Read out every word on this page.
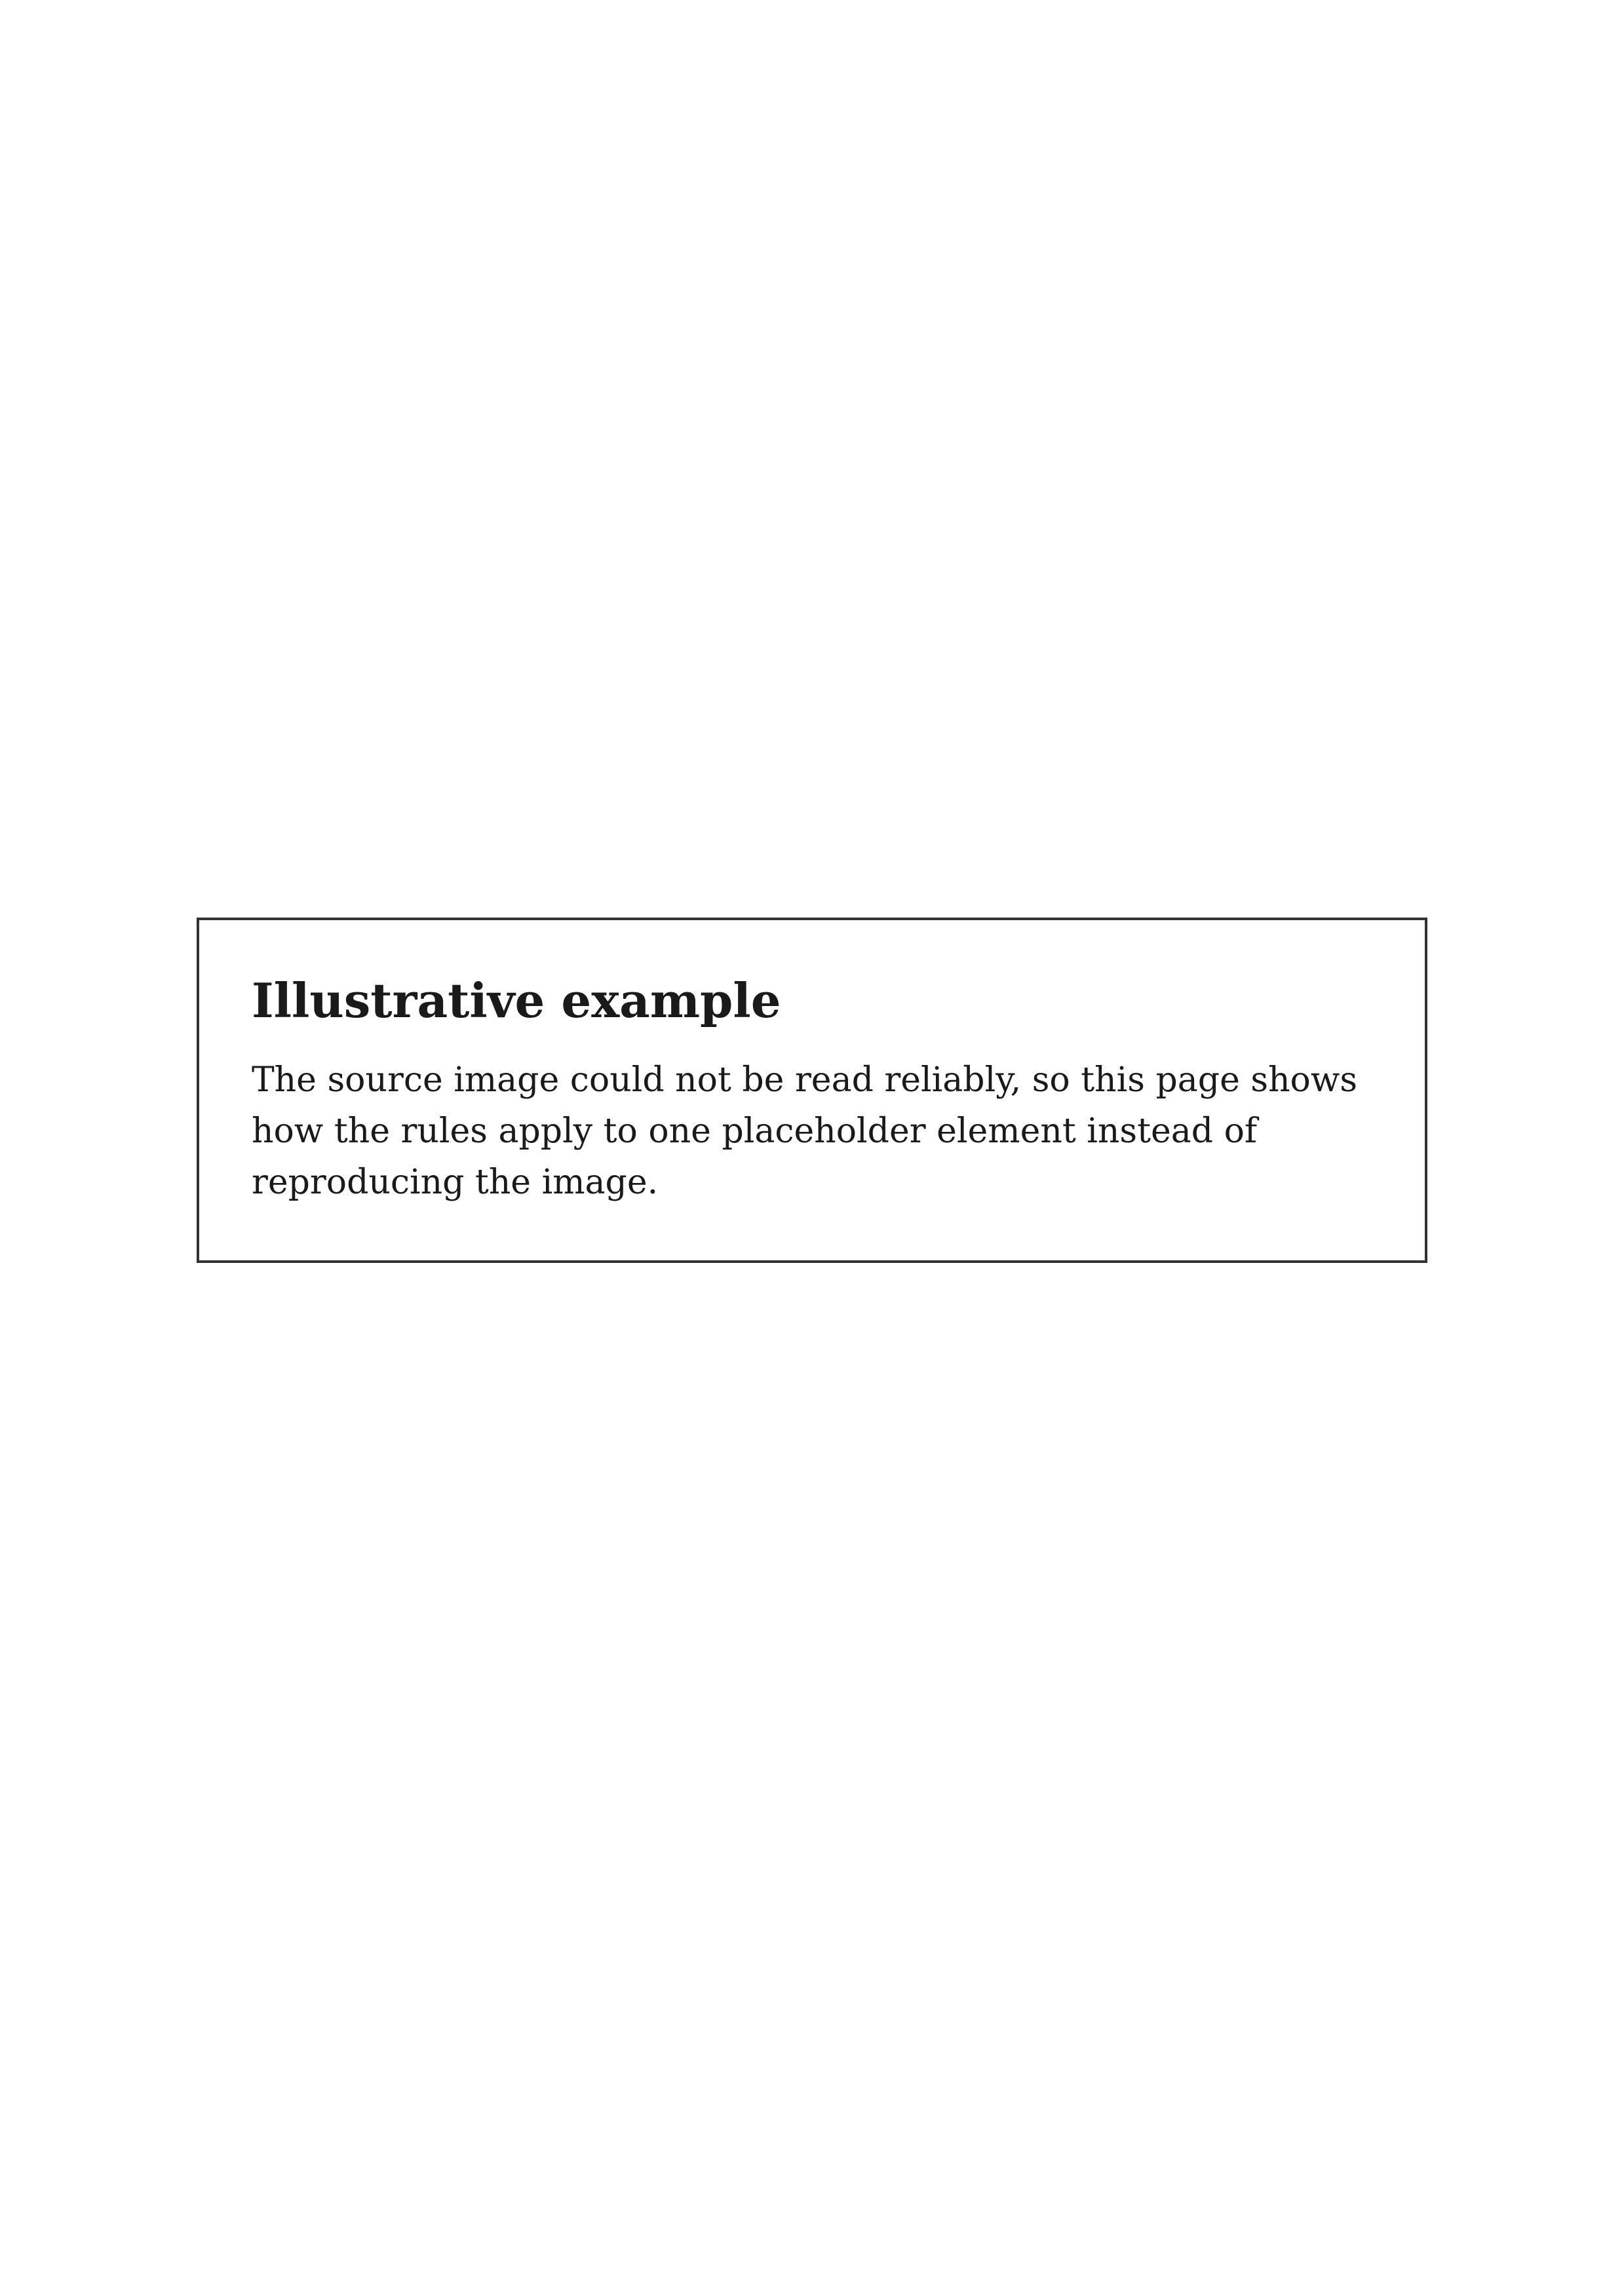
Illustrative example

The source image could not be read reliably, so this page shows how the rules apply to one placeholder element instead of reproducing the image.
